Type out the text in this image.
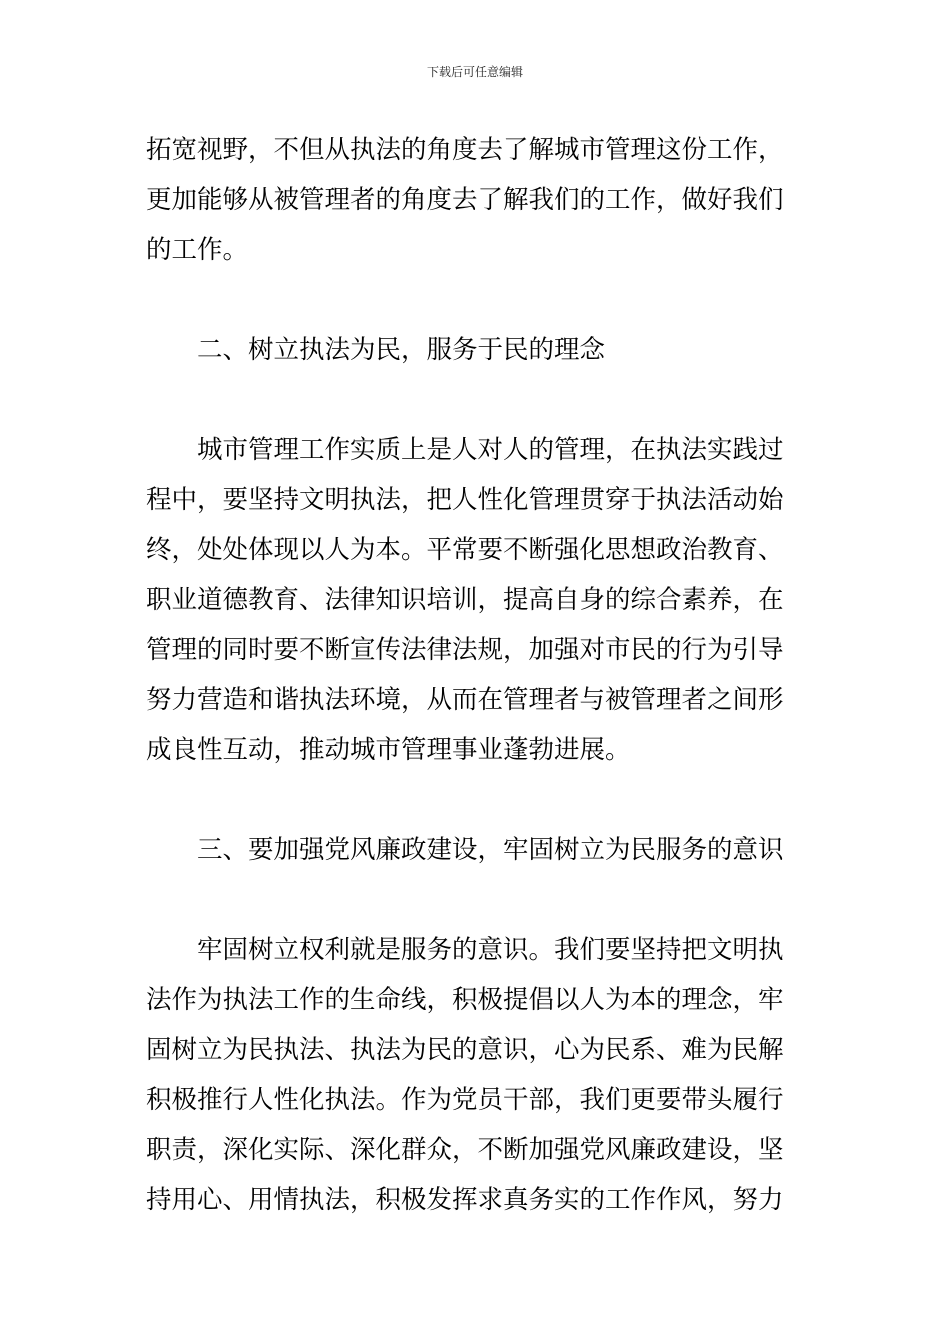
下载后可任意编辑
拓宽视野，不但从执法的角度去了解城市管理这份工作，
更加能够从被管理者的角度去了解我们的工作，做好我们
的工作。
二、树立执法为民，服务于民的理念
城市管理工作实质上是人对人的管理，在执法实践过
程中，要坚持文明执法，把人性化管理贯穿于执法活动始
终，处处体现以人为本。平常要不断强化思想政治教育、
职业道德教育、法律知识培训，提高自身的综合素养，在
管理的同时要不断宣传法律法规，加强对市民的行为引导
努力营造和谐执法环境，从而在管理者与被管理者之间形
成良性互动，推动城市管理事业蓬勃进展。
三、要加强党风廉政建设，牢固树立为民服务的意识
牢固树立权利就是服务的意识。我们要坚持把文明执
法作为执法工作的生命线，积极提倡以人为本的理念，牢
固树立为民执法、执法为民的意识，心为民系、难为民解
积极推行人性化执法。作为党员干部，我们更要带头履行
职责，深化实际、深化群众，不断加强党风廉政建设，坚
持用心、用情执法，积极发挥求真务实的工作作风，努力
